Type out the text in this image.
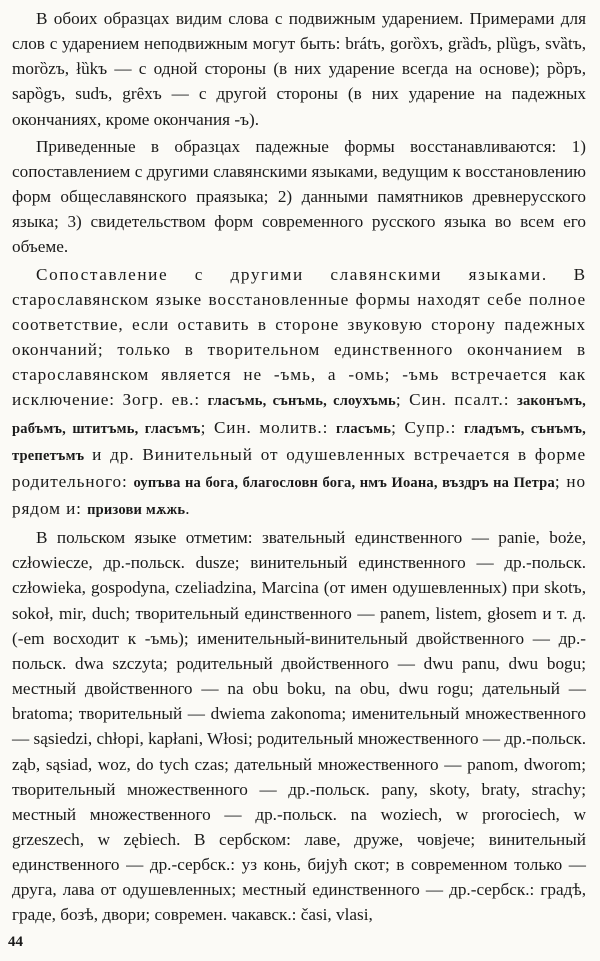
В обоих образцах видим слова с подвижным ударением. Примерами для слов с ударением неподвижным могут быть: brátъ, gorȍxъ, grȁdъ, plȕgъ, svȁtъ, morȍzъ, łȕkъ — с одной стороны (в них ударение всегда на основе); pȍpъ, sapȍgъ, sudъ, grȇxъ — с другой стороны (в них ударение на падежных окончаниях, кроме окончания -ъ).

Приведенные в образцах падежные формы восстанавливаются: 1) сопоставлением с другими славянскими языками, ведущим к восстановлению форм общеславянского праязыка; 2) данными памятников древнерусского языка; 3) свидетельством форм современного русского языка во всем его объеме.

Сопоставление с другими славянскими языками. В старославянском языке восстановленные формы находят себе полное соответствие, если оставить в стороне звуковую сторону падежных окончаний; только в творительном единственного окончанием в старославянском является не -ъмь, а -омь; -ъмь встречается как исключение: Зогр. ев.: гласъмь, сънъмь, слоухъмь; Син. псалт.: законъмъ, рабъмъ, штитъмь, гласъмъ; Син. молитв.: гласъмь; Супр.: гладъмъ, сънъмъ, трепетъмъ и др. Винительный от одушевленных встречается в форме родительного: оупъва на бога, благословн бога, нмъ Иоана, въздръ на Петра; но рядом и: призови мѫжь.

В польском языке отметим: звательный единственного — panie, boże, człowiecze, др.-польск. dusze; винительный единственного — др.-польск. człowieka, gospodyna, czeliadzina, Marcina (от имен одушевленных) при skotъ, sokoł, mir, duch; творительный единственного — panem, listem, głosem и т. д. (-em восходит к -ъмь); именительный-винительный двойственного — др.-польск. dwa szczyta; родительный двойственного — dwu panu, dwu bogu; местный двойственного — na obu boku, na obu, dwu rogu; дательный — bratoma; творительный — dwiema zakonoma; именительный множественного — sąsiedzi, chłopi, kapłani, Włosi; родительный множественного — др.-польск. ząb, sąsiad, woz, do tych czas; дательный множественного — panom, dworom; творительный множественного — др.-польск. pany, skoty, braty, strachy; местный множественного — др.-польск. na woziech, w prorociech, w grzeszech, w zębiech. В сербском: лаве, друже, човjече; винительный единственного — др.-сербск.: уз конь, биjуħ скот; в современном только — друга, лава от одушевленных; местный единственного — др.-сербск.: градѣ, граде, бозѣ, двори; современ. чакавск.: časi, vlasi,

44
